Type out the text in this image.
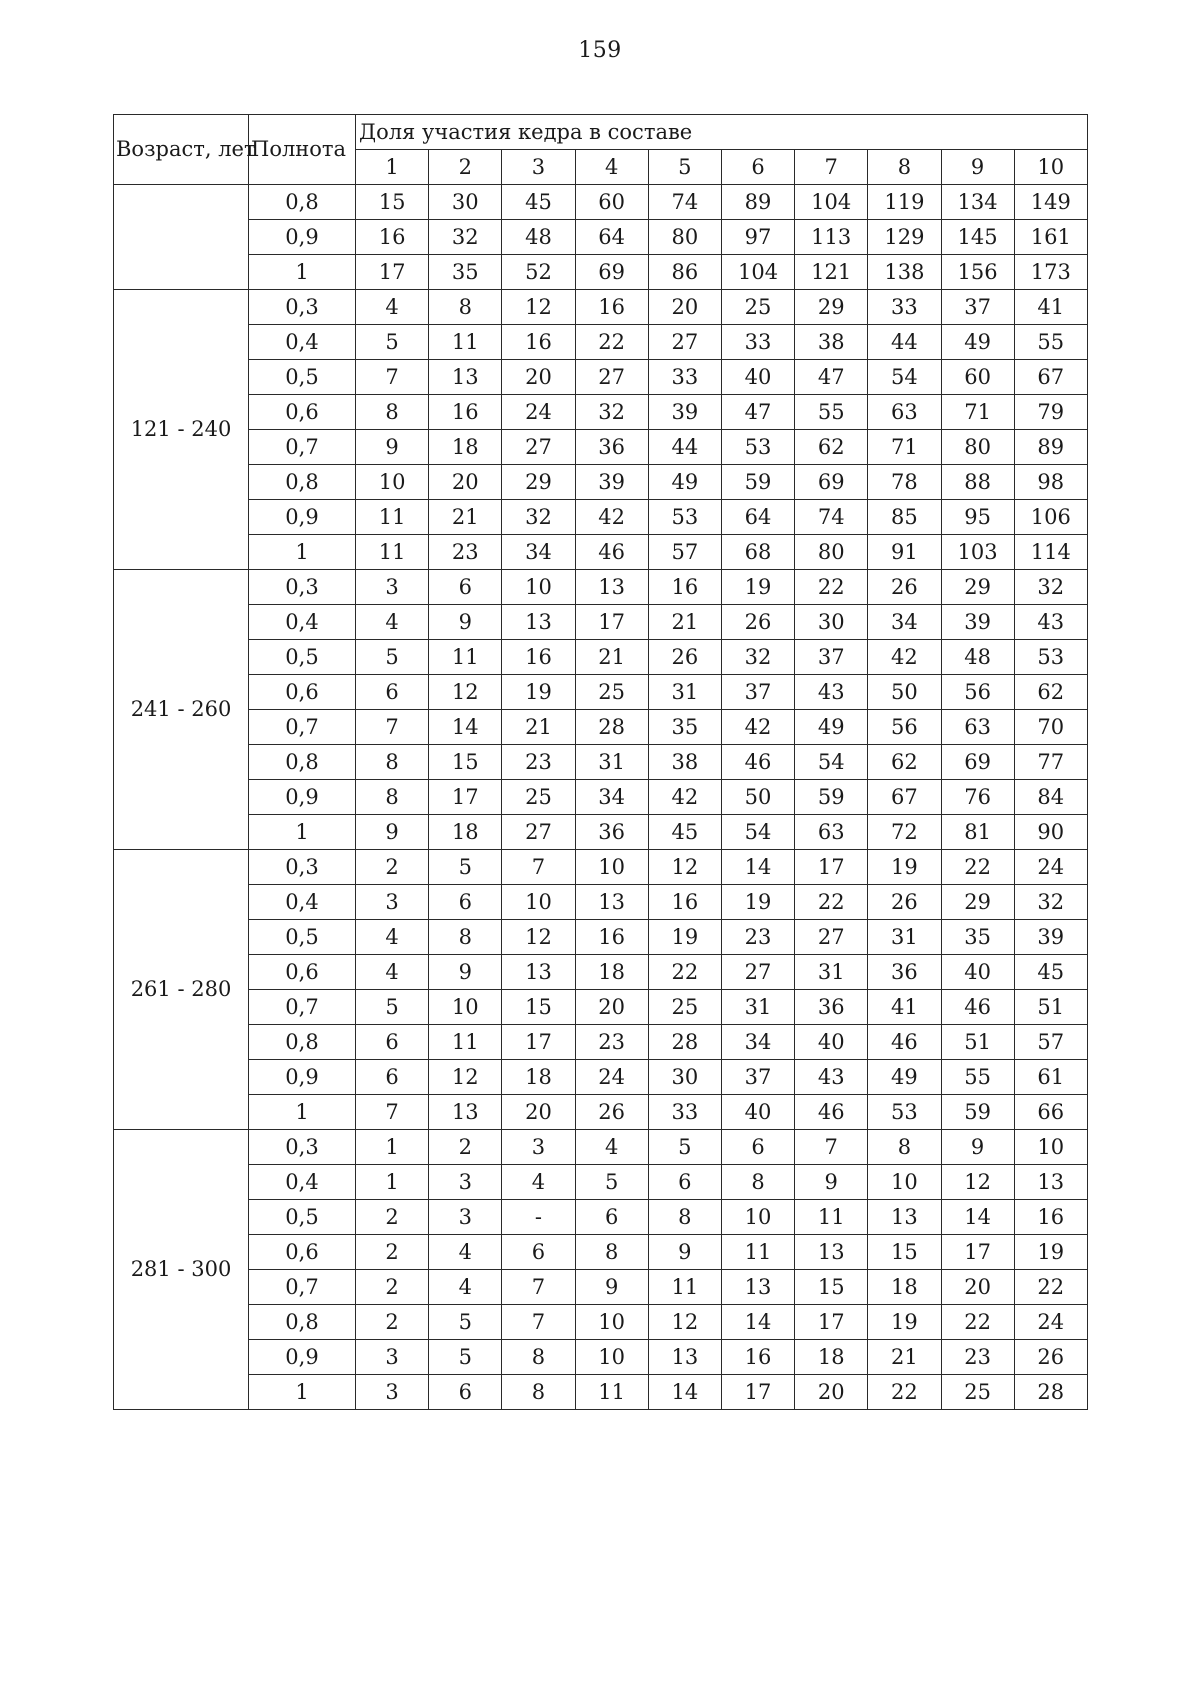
159
Возраст, лет	Полнота	Доля участия кедра в составе									
		1	2	3	4	5	6	7	8	9	10
	0,8	15	30	45	60	74	89	104	119	134	149
	0,9	16	32	48	64	80	97	113	129	145	161
	1	17	35	52	69	86	104	121	138	156	173
121 - 240	0,3	4	8	12	16	20	25	29	33	37	41
	0,4	5	11	16	22	27	33	38	44	49	55
	0,5	7	13	20	27	33	40	47	54	60	67
	0,6	8	16	24	32	39	47	55	63	71	79
	0,7	9	18	27	36	44	53	62	71	80	89
	0,8	10	20	29	39	49	59	69	78	88	98
	0,9	11	21	32	42	53	64	74	85	95	106
	1	11	23	34	46	57	68	80	91	103	114
241 - 260	0,3	3	6	10	13	16	19	22	26	29	32
	0,4	4	9	13	17	21	26	30	34	39	43
	0,5	5	11	16	21	26	32	37	42	48	53
	0,6	6	12	19	25	31	37	43	50	56	62
	0,7	7	14	21	28	35	42	49	56	63	70
	0,8	8	15	23	31	38	46	54	62	69	77
	0,9	8	17	25	34	42	50	59	67	76	84
	1	9	18	27	36	45	54	63	72	81	90
261 - 280	0,3	2	5	7	10	12	14	17	19	22	24
	0,4	3	6	10	13	16	19	22	26	29	32
	0,5	4	8	12	16	19	23	27	31	35	39
	0,6	4	9	13	18	22	27	31	36	40	45
	0,7	5	10	15	20	25	31	36	41	46	51
	0,8	6	11	17	23	28	34	40	46	51	57
	0,9	6	12	18	24	30	37	43	49	55	61
	1	7	13	20	26	33	40	46	53	59	66
281 - 300	0,3	1	2	3	4	5	6	7	8	9	10
	0,4	1	3	4	5	6	8	9	10	12	13
	0,5	2	3	-	6	8	10	11	13	14	16
	0,6	2	4	6	8	9	11	13	15	17	19
	0,7	2	4	7	9	11	13	15	18	20	22
	0,8	2	5	7	10	12	14	17	19	22	24
	0,9	3	5	8	10	13	16	18	21	23	26
	1	3	6	8	11	14	17	20	22	25	28
